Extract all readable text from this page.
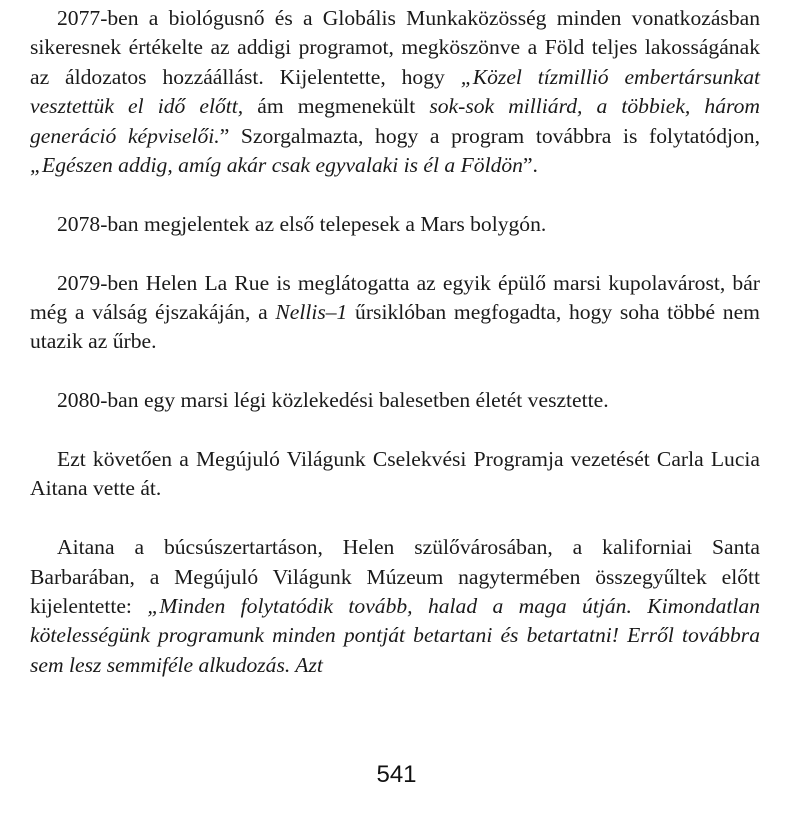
2077-ben a biológusnő és a Globális Munkaközösség minden vonatkozásban sikeresnek értékelte az addigi programot, megköszönve a Föld teljes lakosságának az áldozatos hozzáállást. Kijelentette, hogy „Közel tízmillió embertársunkat vesztettük el idő előtt, ám megmenekült sok-sok milliárd, a többiek, három generáció képviselői.” Szorgalmazta, hogy a program továbbra is folytatódjon, „Egészen addig, amíg akár csak egyvalaki is él a Földön”.

2078-ban megjelentek az első telepesek a Mars bolygón.

2079-ben Helen La Rue is meglátogatta az egyik épülő marsi kupolavárost, bár még a válság éjszakáján, a Nellis–1 űrsiklóban megfogadta, hogy soha többé nem utazik az űrbe.

2080-ban egy marsi légi közlekedési balesetben életét vesztette.

Ezt követően a Megújuló Világunk Cselekvési Programja vezetését Carla Lucia Aitana vette át.

Aitana a búcsúszertartáson, Helen szülővárosában, a kaliforniai Santa Barbarában, a Megújuló Világunk Múzeum nagytermében összegyűltek előtt kijelentette: „Minden folytatódik tovább, halad a maga útján. Kimondatlan kötelességünk programunk minden pontját betartani és betartatni! Erről továbbra sem lesz semmiféle alkudozás. Azt

541
